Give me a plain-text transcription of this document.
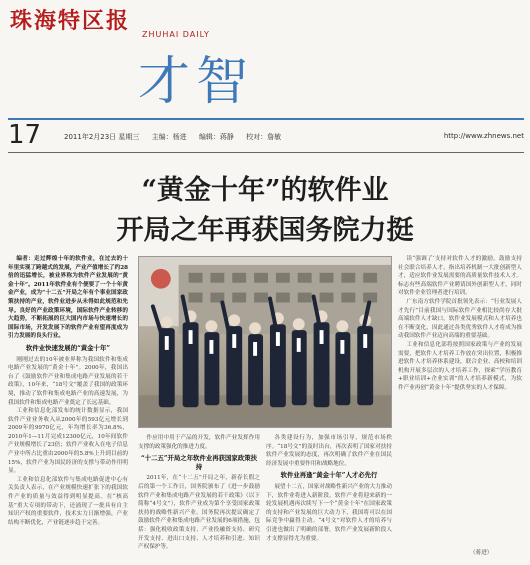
珠海特区报
ZHUHAI DAILY
才智
17	2011年2月23日 星期三 主编：杨进 编辑：蒋静 校对：詹敏	http://www.zhnews.net
“黄金十年”的软件业
开局之年再获国务院力挺

编者：走过辉煌十年的软件业，在过去的十年里实现了跨越式的发展，产业产值增长了约28倍的迅猛增长，被业界称为软件产业发展的“黄金十年”。2011年软件业有个便要了一个十年黄金产业，成为“十二五”开局之年有个事业国家政策扶持的产业，软件业进步从未得如此规范和先导。良好的产业政策环境，国际软件产业转移的大趋势，不断拓展的巨大国内市场与快速增长的国际市场，开发发展下的软件产业有望再度成为引力发展的良头行业。

软件业快速发展的“黄金十年”

刚刚过去的10年被业界称为我国软件和集成电路产业发展的“黄金十年”。2000年，我国出台了《鼓励软件产业和集成电路产业发展的若干政策》，10年来，“18号文”覆盖了我国的政策环境，推动了软件和集成电路产业的高速发展，为我国软件和集成电路产业奠定了长远基础。

工业和信息化部发布的统计数据显示，我国软件产业业务收入从2000年的593亿元增长到2009年的9970亿元，年均增长率为36.8%，2010年1—11月完成12300亿元，10年间软件产业规模增长了23倍；软件产业收入在电子信息产业中所占比重由2000年的5.8%上升到目前的15%，软件产业为国民经济的支撑与带动作用明显。

工业和信息化部软件与集成电路促进中心有关负责人表示，在产业规模快速扩张下的我国软件产业的质量与效益得到明显提高。在“核高基”重大专项的带动下，还涌现了一批具有自主知识产权的重要软件，技术实力日渐增强，产业结构不断优化，产业链逐步趋于完善。

作应用中用于产品的开发，软件产业发挥作用支撑的政策强化的推进力度。

“十二五”开局之年软件业再获国家政策扶持

2011年，在“十二五”开局之年，新春长假之后的第一个工作日，国务院颁布了《进一步鼓励软件产业和集成电路产业发展的若干政策》（以下简称“4号文”），软件产业成为第个享受国家政策扶持的战略性新兴产业。国务院再次提议确定了鼓励软件产业和集成电路产业发展的6项措施，包括：强化税收政策支持、产业投融资支持、研究开发支持、进出口支持、人才培养和引进、知识产权保护等。

各类建设行为，加强市场引导，规范市场秩序。“18号文”的及时出台，再次表明了国家对扶持软件产业发展的态度，再次明确了软件产业在国民经济发展中重要作用和战略地位。

软件业再逢“黄金十年”人才必先行

展望十二五，国家对战略性新兴产业的大力推动下，软件业将进入新阶段。软件产业将迎来新的一轮发展机遇再次续写下一个“黄金十年”在国家政策的支持和产业发展的巨大动力下，我国将可以在国际竞争中赢得主动。“4号文”对软件人才的培养与引进也做出了明确的部署，软件产业发展新阶段人才支撑显得尤为重要。

读“强调了‘支持对软件人才的激励，鼓励支持社会联合培养人才，指出培养机制一大批创新型人才，适应软件业发展需要的高质量软件技术人才。标志有些高端软件产业聘请国外创新型人才，同时对软件企业管理者进行培训。

广东南方软件学院首批领先表示：“行业发展人才先行”目前我国与国际软件产业相比较尚存大批高端软件人才缺口，软件业发展模式和人才培养也在不断变化，因此通过各类优秀软件人才将成为推动我国软件产业迈向高端的重要基础。

工业和信息化部将按照国家政策与产业的发展需要，把软件人才培养工作放在突出位置，积极推进软件人才培养体系建设，联合企业、高校和培训机构开展多层次的人才培养工作，探索“学历教育+职业培训+企业实训”的人才培养新模式，为软件产业再创“黄金十年”提供坚实的人才保障。

（蒋进）
